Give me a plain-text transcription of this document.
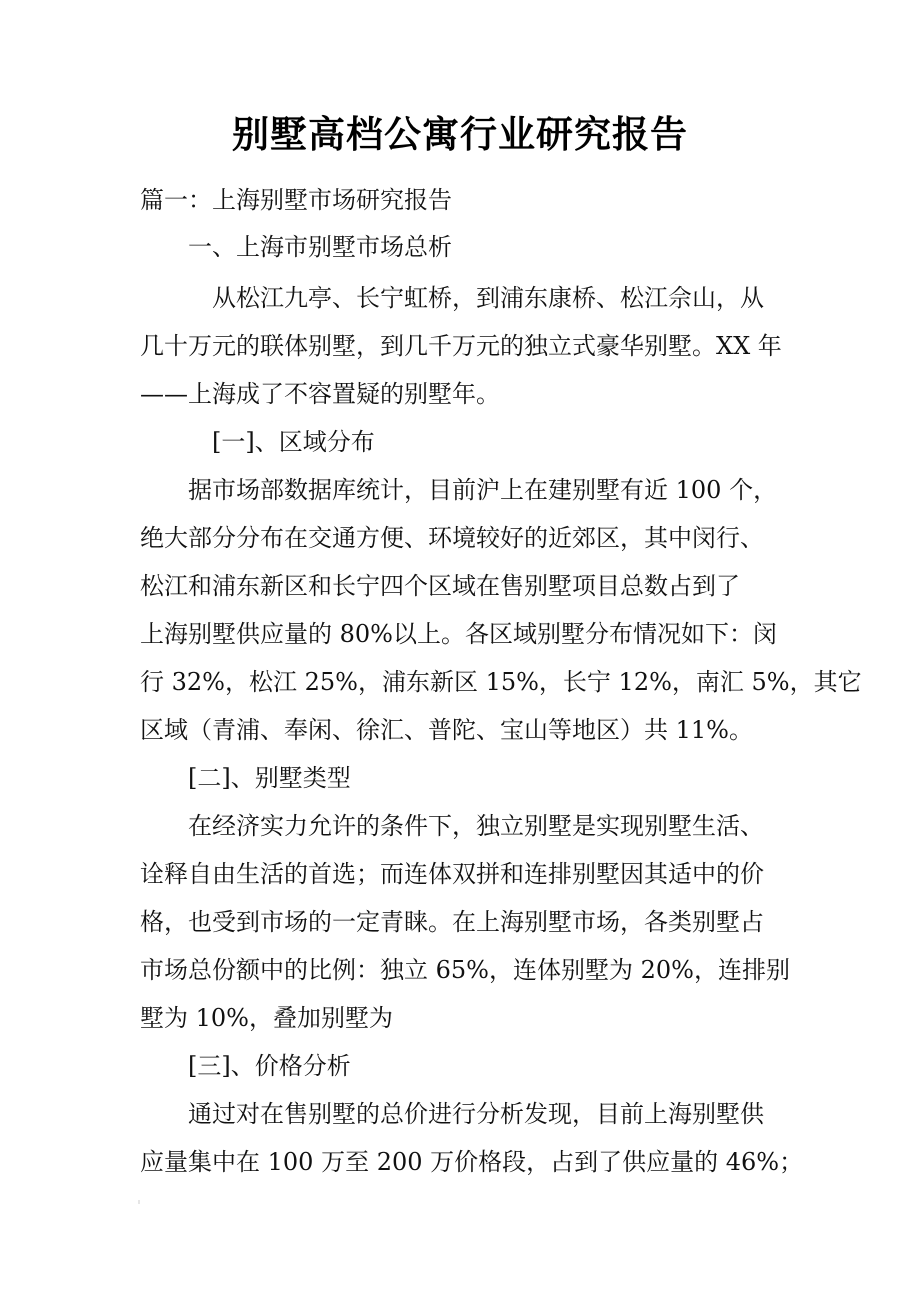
别墅高档公寓行业研究报告
篇一：上海别墅市场研究报告
一、上海市别墅市场总析
从松江九亭、长宁虹桥，到浦东康桥、松江佘山，从
几十万元的联体别墅，到几千万元的独立式豪华别墅。XX 年
——上海成了不容置疑的别墅年。
[一]、区域分布
据市场部数据库统计，目前沪上在建别墅有近 100 个，
绝大部分分布在交通方便、环境较好的近郊区，其中闵行、
松江和浦东新区和长宁四个区域在售别墅项目总数占到了
上海别墅供应量的 80%以上。各区域别墅分布情况如下：闵
行 32%，松江 25%，浦东新区 15%，长宁 12%，南汇 5%，其它
区域（青浦、奉闲、徐汇、普陀、宝山等地区）共 11%。
[二]、别墅类型
在经济实力允许的条件下，独立别墅是实现别墅生活、
诠释自由生活的首选；而连体双拼和连排别墅因其适中的价
格，也受到市场的一定青睐。在上海别墅市场，各类别墅占
市场总份额中的比例：独立 65%，连体别墅为 20%，连排别
墅为 10%，叠加别墅为
[三]、价格分析
通过对在售别墅的总价进行分析发现，目前上海别墅供
应量集中在 100 万至 200 万价格段，占到了供应量的 46%；
